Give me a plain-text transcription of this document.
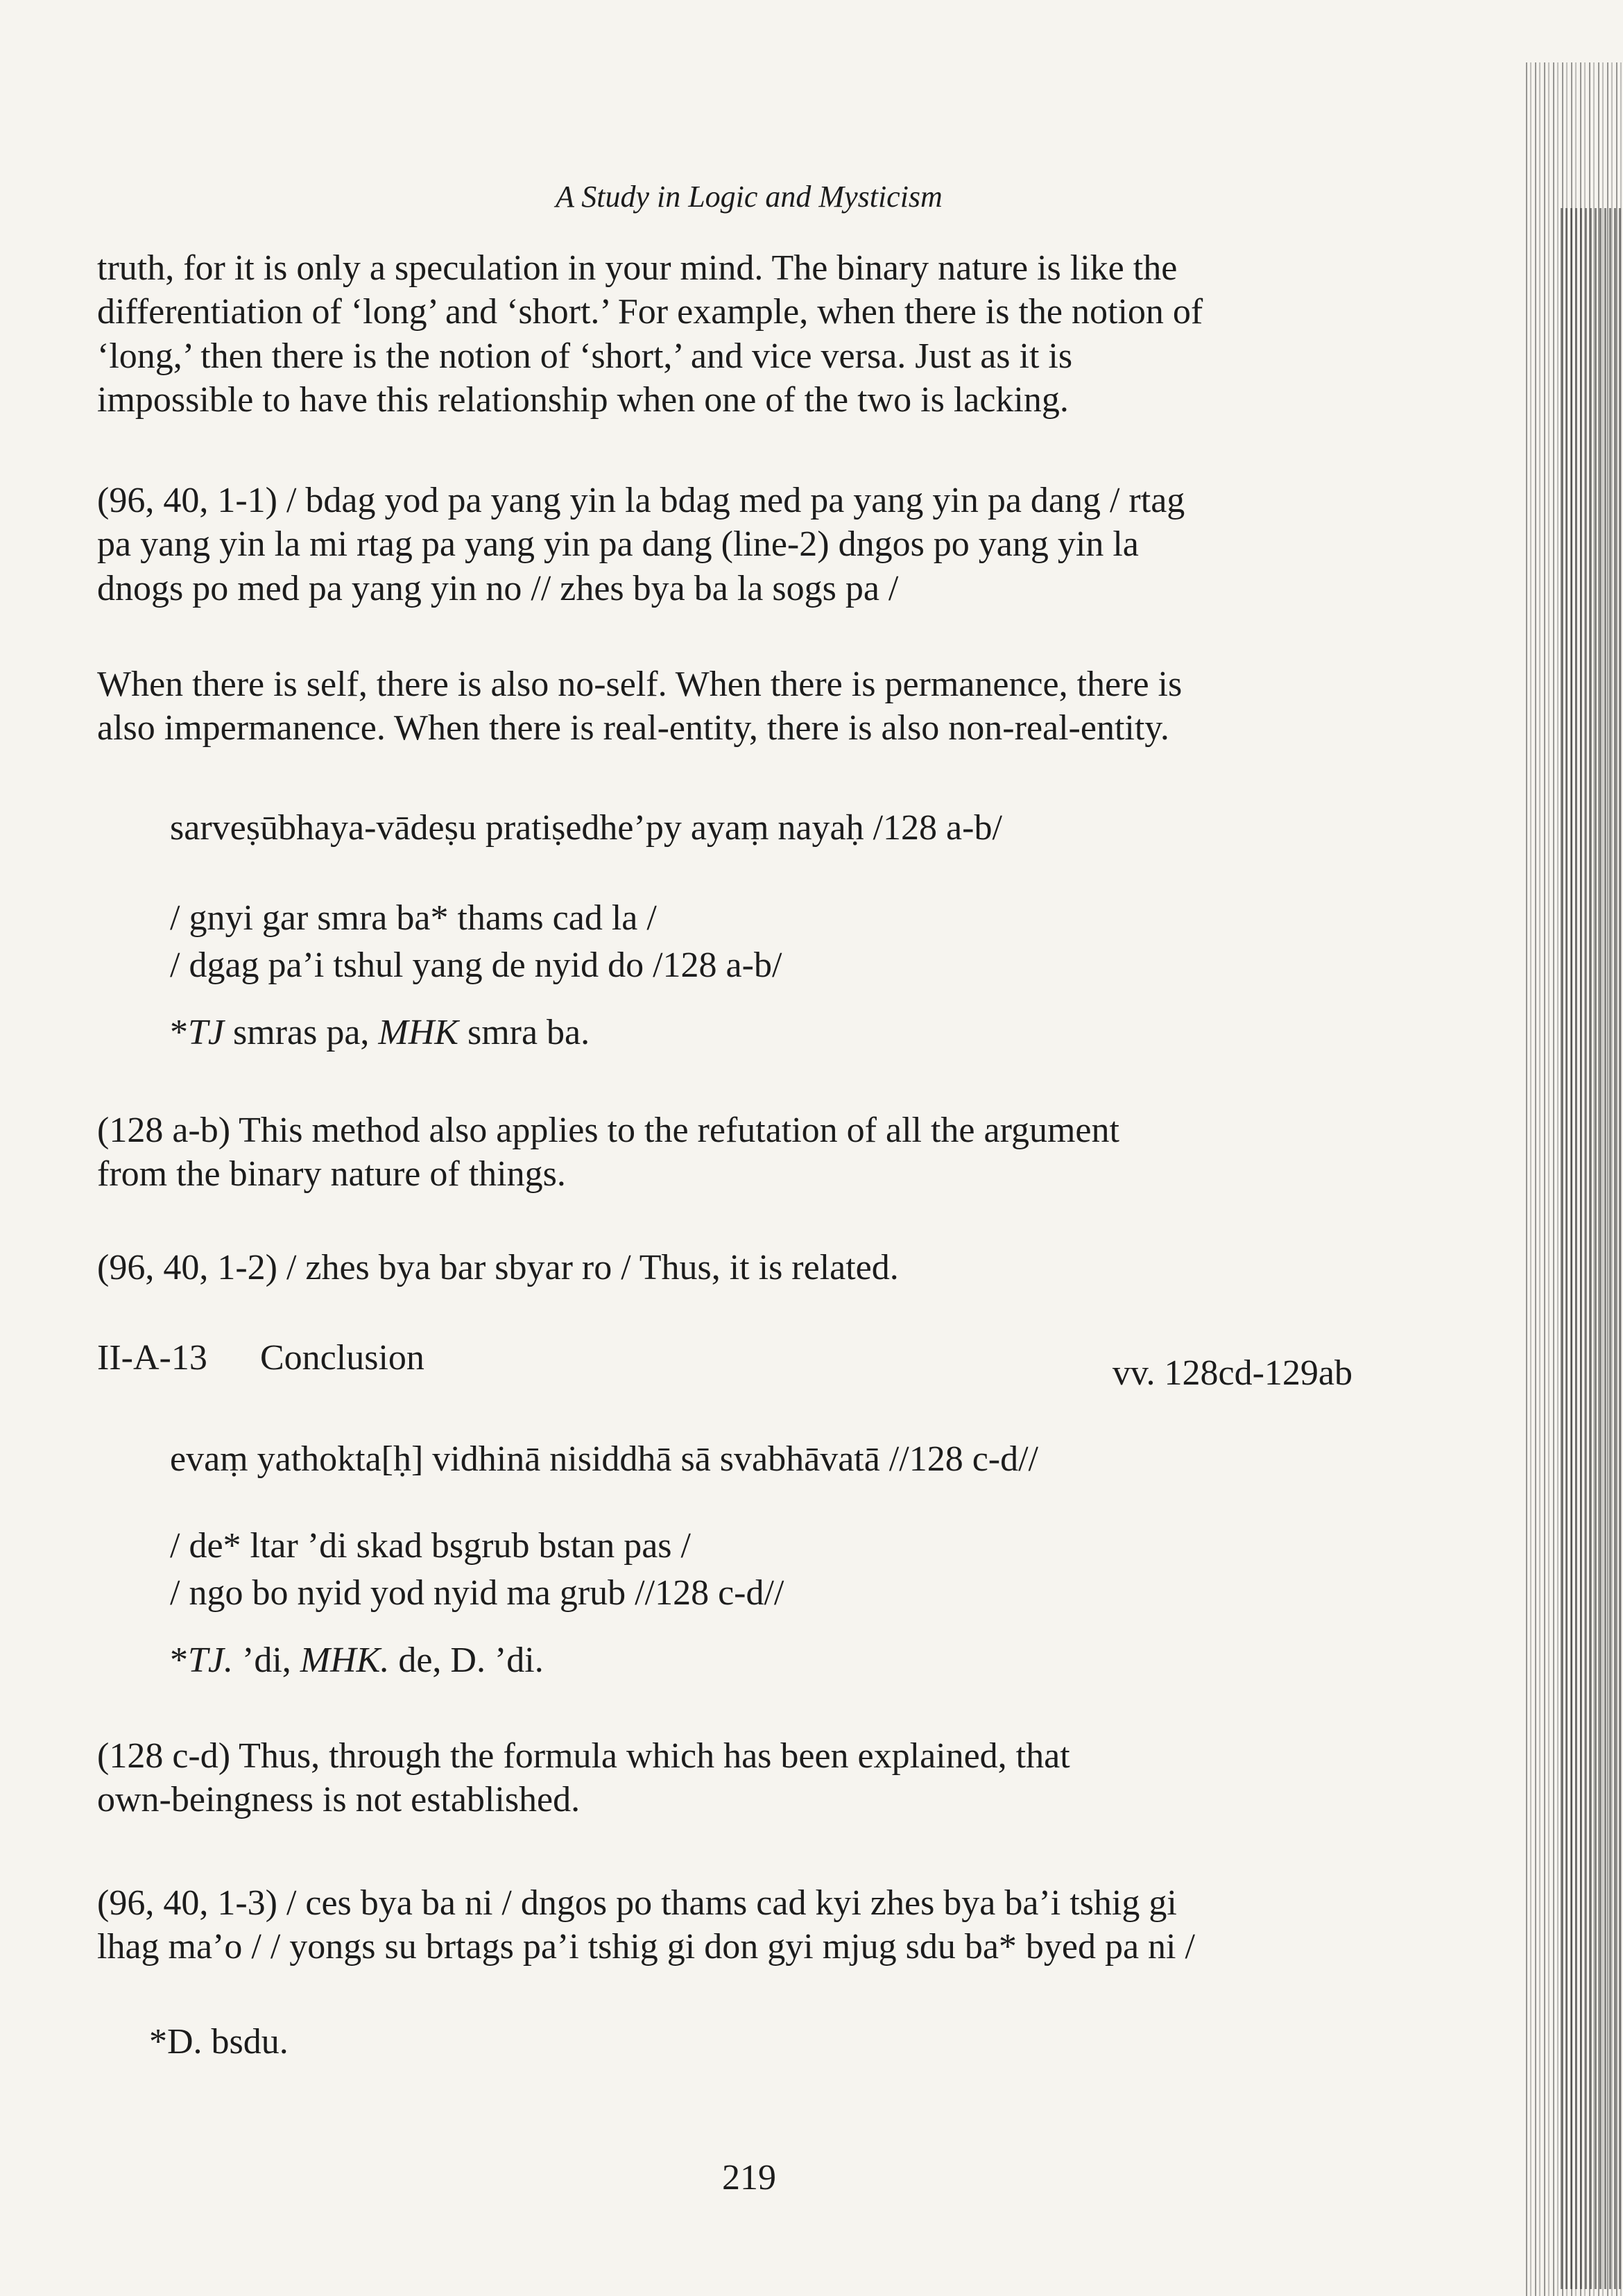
A Study in Logic and Mysticism
truth, for it is only a speculation in your mind. The binary nature is like the
differentiation of ‘long’ and ‘short.’ For example, when there is the notion of
‘long,’ then there is the notion of ‘short,’ and vice versa. Just as it is
impossible to have this relationship when one of the two is lacking.
(96, 40, 1-1) / bdag yod pa yang yin la bdag med pa yang yin pa dang / rtag
pa yang yin la mi rtag pa yang yin pa dang (line-2) dngos po yang yin la
dnogs po med pa yang yin no // zhes bya ba la sogs pa /
When there is self, there is also no-self. When there is permanence, there is
also impermanence. When there is real-entity, there is also non-real-entity.
sarveṣūbhaya-vādeṣu pratiṣedhe’py ayaṃ nayaḥ /128 a-b/
/ gnyi gar smra ba* thams cad la /
/ dgag pa’i tshul yang de nyid do /128 a-b/
*TJ smras pa, MHK smra ba.
(128 a-b) This method also applies to the refutation of all the argument
from the binary nature of things.
(96, 40, 1-2) / zhes bya bar sbyar ro / Thus, it is related.
II-A-13 Conclusion	vv. 128cd-129ab
evaṃ yathokta[ḥ] vidhinā nisiddhā sā svabhāvatā //128 c-d//
/ de* ltar ’di skad bsgrub bstan pas /
/ ngo bo nyid yod nyid ma grub //128 c-d//
*TJ. ’di, MHK. de, D. ’di.
(128 c-d) Thus, through the formula which has been explained, that
own-beingness is not established.
(96, 40, 1-3) / ces bya ba ni / dngos po thams cad kyi zhes bya ba’i tshig gi
lhag ma’o / / yongs su brtags pa’i tshig gi don gyi mjug sdu ba* byed pa ni /
*D. bsdu.
219
